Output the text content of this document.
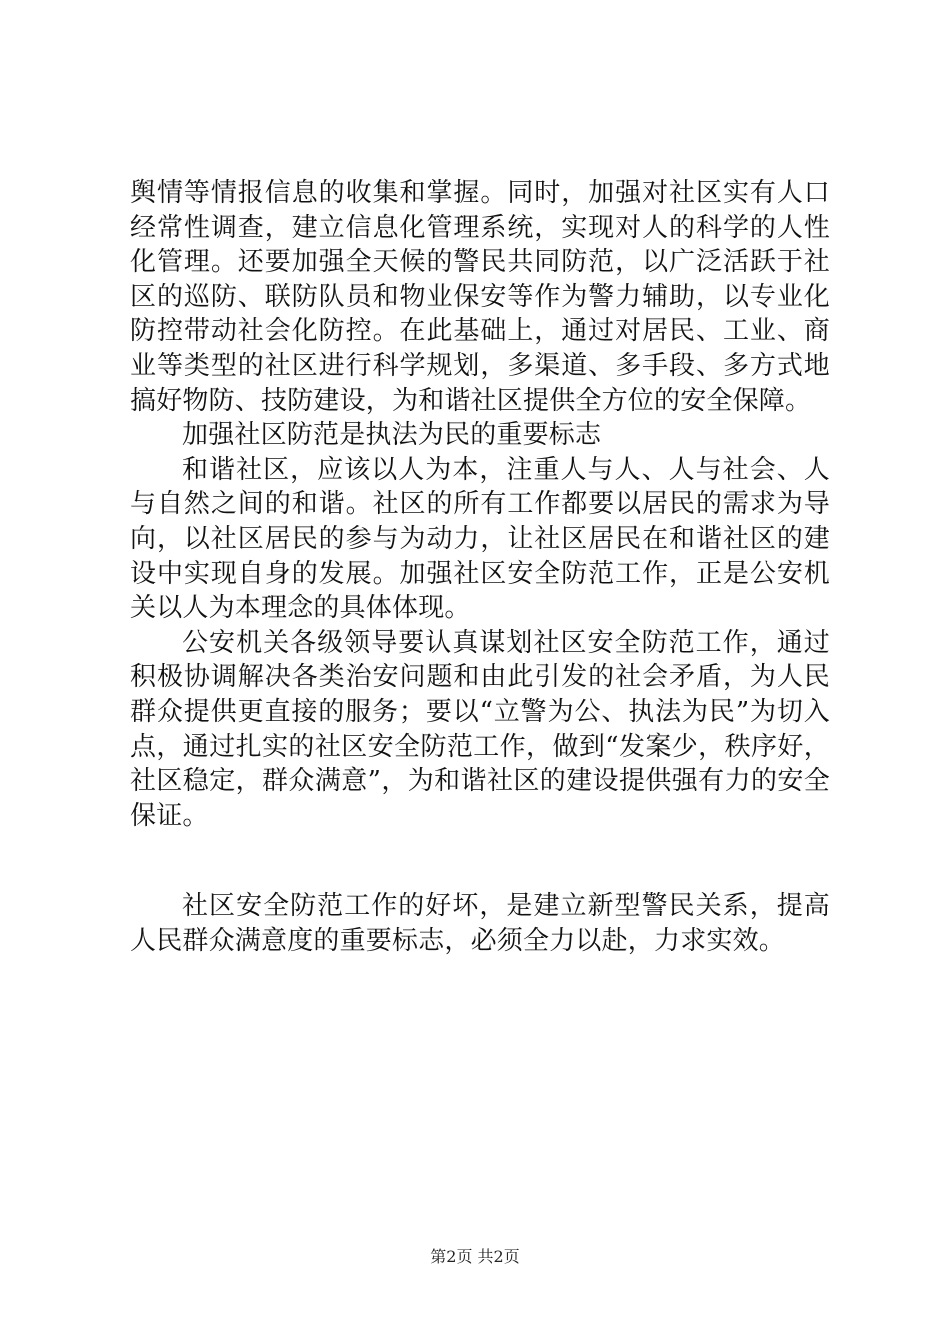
舆情等情报信息的收集和掌握。同时，加强对社区实有人口经常性调查，建立信息化管理系统，实现对人的科学的人性化管理。还要加强全天候的警民共同防范，以广泛活跃于社区的巡防、联防队员和物业保安等作为警力辅助，以专业化防控带动社会化防控。在此基础上，通过对居民、工业、商业等类型的社区进行科学规划，多渠道、多手段、多方式地搞好物防、技防建设，为和谐社区提供全方位的安全保障。

加强社区防范是执法为民的重要标志

和谐社区，应该以人为本，注重人与人、人与社会、人与自然之间的和谐。社区的所有工作都要以居民的需求为导向，以社区居民的参与为动力，让社区居民在和谐社区的建设中实现自身的发展。加强社区安全防范工作，正是公安机关以人为本理念的具体体现。

公安机关各级领导要认真谋划社区安全防范工作，通过积极协调解决各类治安问题和由此引发的社会矛盾，为人民群众提供更直接的服务；要以“立警为公、执法为民”为切入点，通过扎实的社区安全防范工作，做到“发案少，秩序好，社区稳定，群众满意”，为和谐社区的建设提供强有力的安全保证。

社区安全防范工作的好坏，是建立新型警民关系，提高人民群众满意度的重要标志，必须全力以赴，力求实效。

第2页 共2页
